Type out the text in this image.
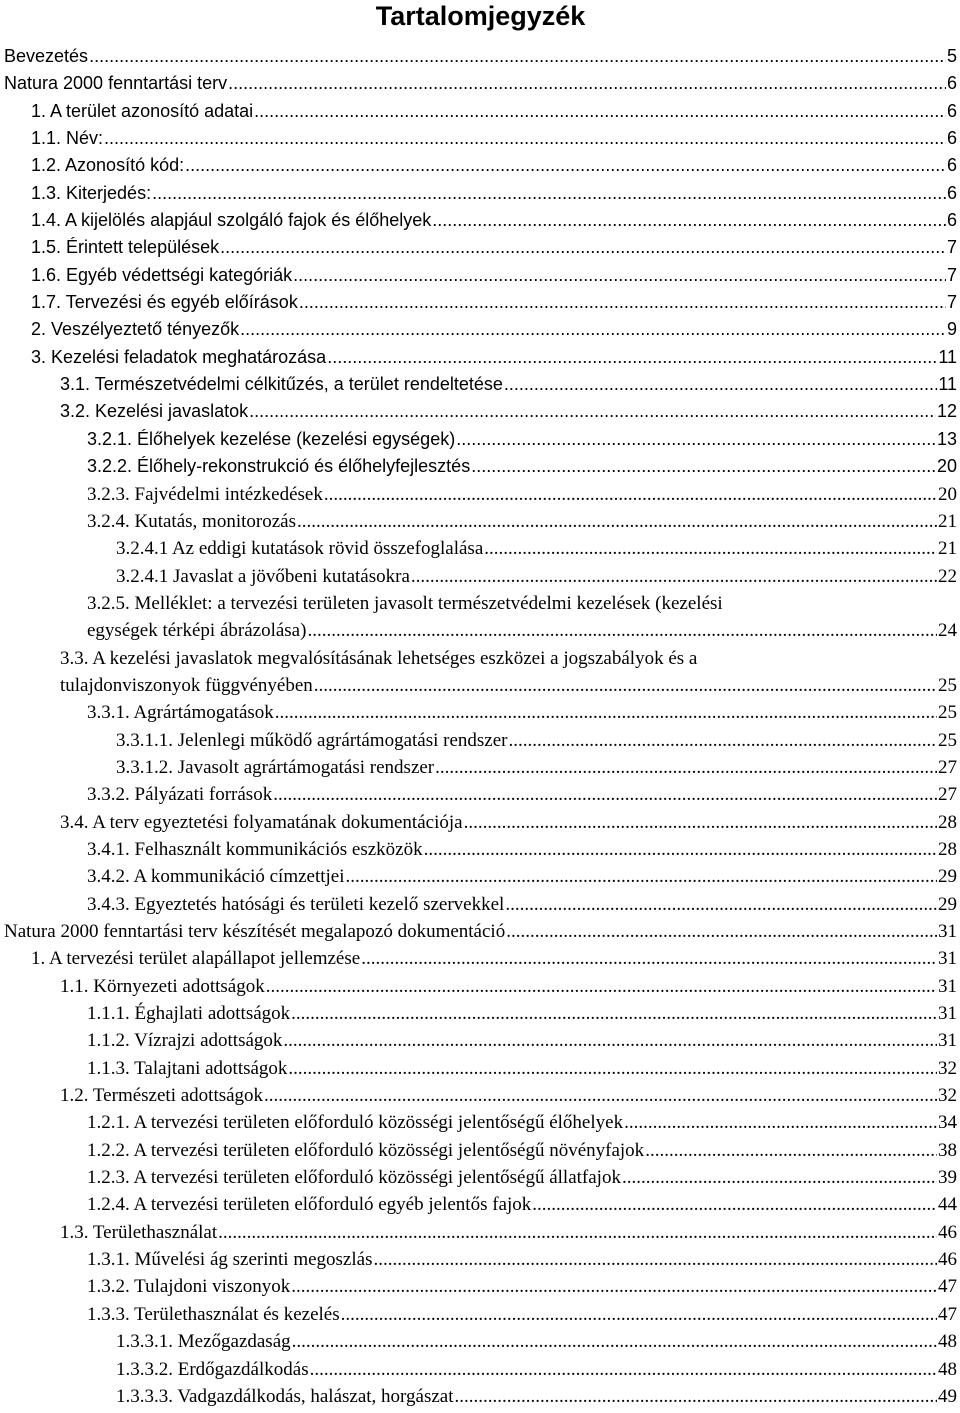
Tartalomjegyzék
Bevezetés .....	5
Natura 2000 fenntartási terv .....	6
1. A terület azonosító adatai .....	6
1.1. Név: .....	6
1.2. Azonosító kód: .....	6
1.3. Kiterjedés: .....	6
1.4. A kijelölés alapjául szolgáló fajok és élőhelyek .....	6
1.5. Érintett települések .....	7
1.6. Egyéb védettségi kategóriák .....	7
1.7. Tervezési és egyéb előírások .....	7
2. Veszélyeztető tényezők .....	9
3. Kezelési feladatok meghatározása .....	11
3.1. Természetvédelmi célkitűzés, a terület rendeltetése .....	11
3.2. Kezelési javaslatok .....	12
3.2.1. Élőhelyek kezelése (kezelési egységek) .....	13
3.2.2. Élőhely-rekonstrukció és élőhelyfejlesztés .....	20
3.2.3. Fajvédelmi intézkedések .....	20
3.2.4. Kutatás, monitorozás .....	21
3.2.4.1 Az eddigi kutatások rövid összefoglalása .....	21
3.2.4.1 Javaslat a jövőbeni kutatásokra .....	22
3.2.5. Melléklet: a tervezési területen javasolt természetvédelmi kezelések (kezelési
egységek térképi ábrázolása) .....	24
3.3. A kezelési javaslatok megvalósításának lehetséges eszközei a jogszabályok és a
tulajdonviszonyok függvényében .....	25
3.3.1. Agrártámogatások .....	25
3.3.1.1. Jelenlegi működő agrártámogatási rendszer .....	25
3.3.1.2. Javasolt agrártámogatási rendszer .....	27
3.3.2. Pályázati források .....	27
3.4. A terv egyeztetési folyamatának dokumentációja .....	28
3.4.1. Felhasznált kommunikációs eszközök .....	28
3.4.2. A kommunikáció címzettjei .....	29
3.4.3. Egyeztetés hatósági és területi kezelő szervekkel .....	29
Natura 2000 fenntartási terv készítését megalapozó dokumentáció .....	31
1. A tervezési terület alapállapot jellemzése .....	31
1.1. Környezeti adottságok .....	31
1.1.1. Éghajlati adottságok .....	31
1.1.2. Vízrajzi adottságok .....	31
1.1.3. Talajtani adottságok .....	32
1.2. Természeti adottságok .....	32
1.2.1. A tervezési területen előforduló közösségi jelentőségű élőhelyek .....	34
1.2.2. A tervezési területen előforduló közösségi jelentőségű növényfajok .....	38
1.2.3. A tervezési területen előforduló közösségi jelentőségű állatfajok .....	39
1.2.4. A tervezési területen előforduló egyéb jelentős fajok .....	44
1.3. Területhasználat .....	46
1.3.1. Művelési ág szerinti megoszlás .....	46
1.3.2. Tulajdoni viszonyok .....	47
1.3.3. Területhasználat és kezelés .....	47
1.3.3.1. Mezőgazdaság .....	48
1.3.3.2. Erdőgazdálkodás .....	48
1.3.3.3. Vadgazdálkodás, halászat, horgászat .....	49
